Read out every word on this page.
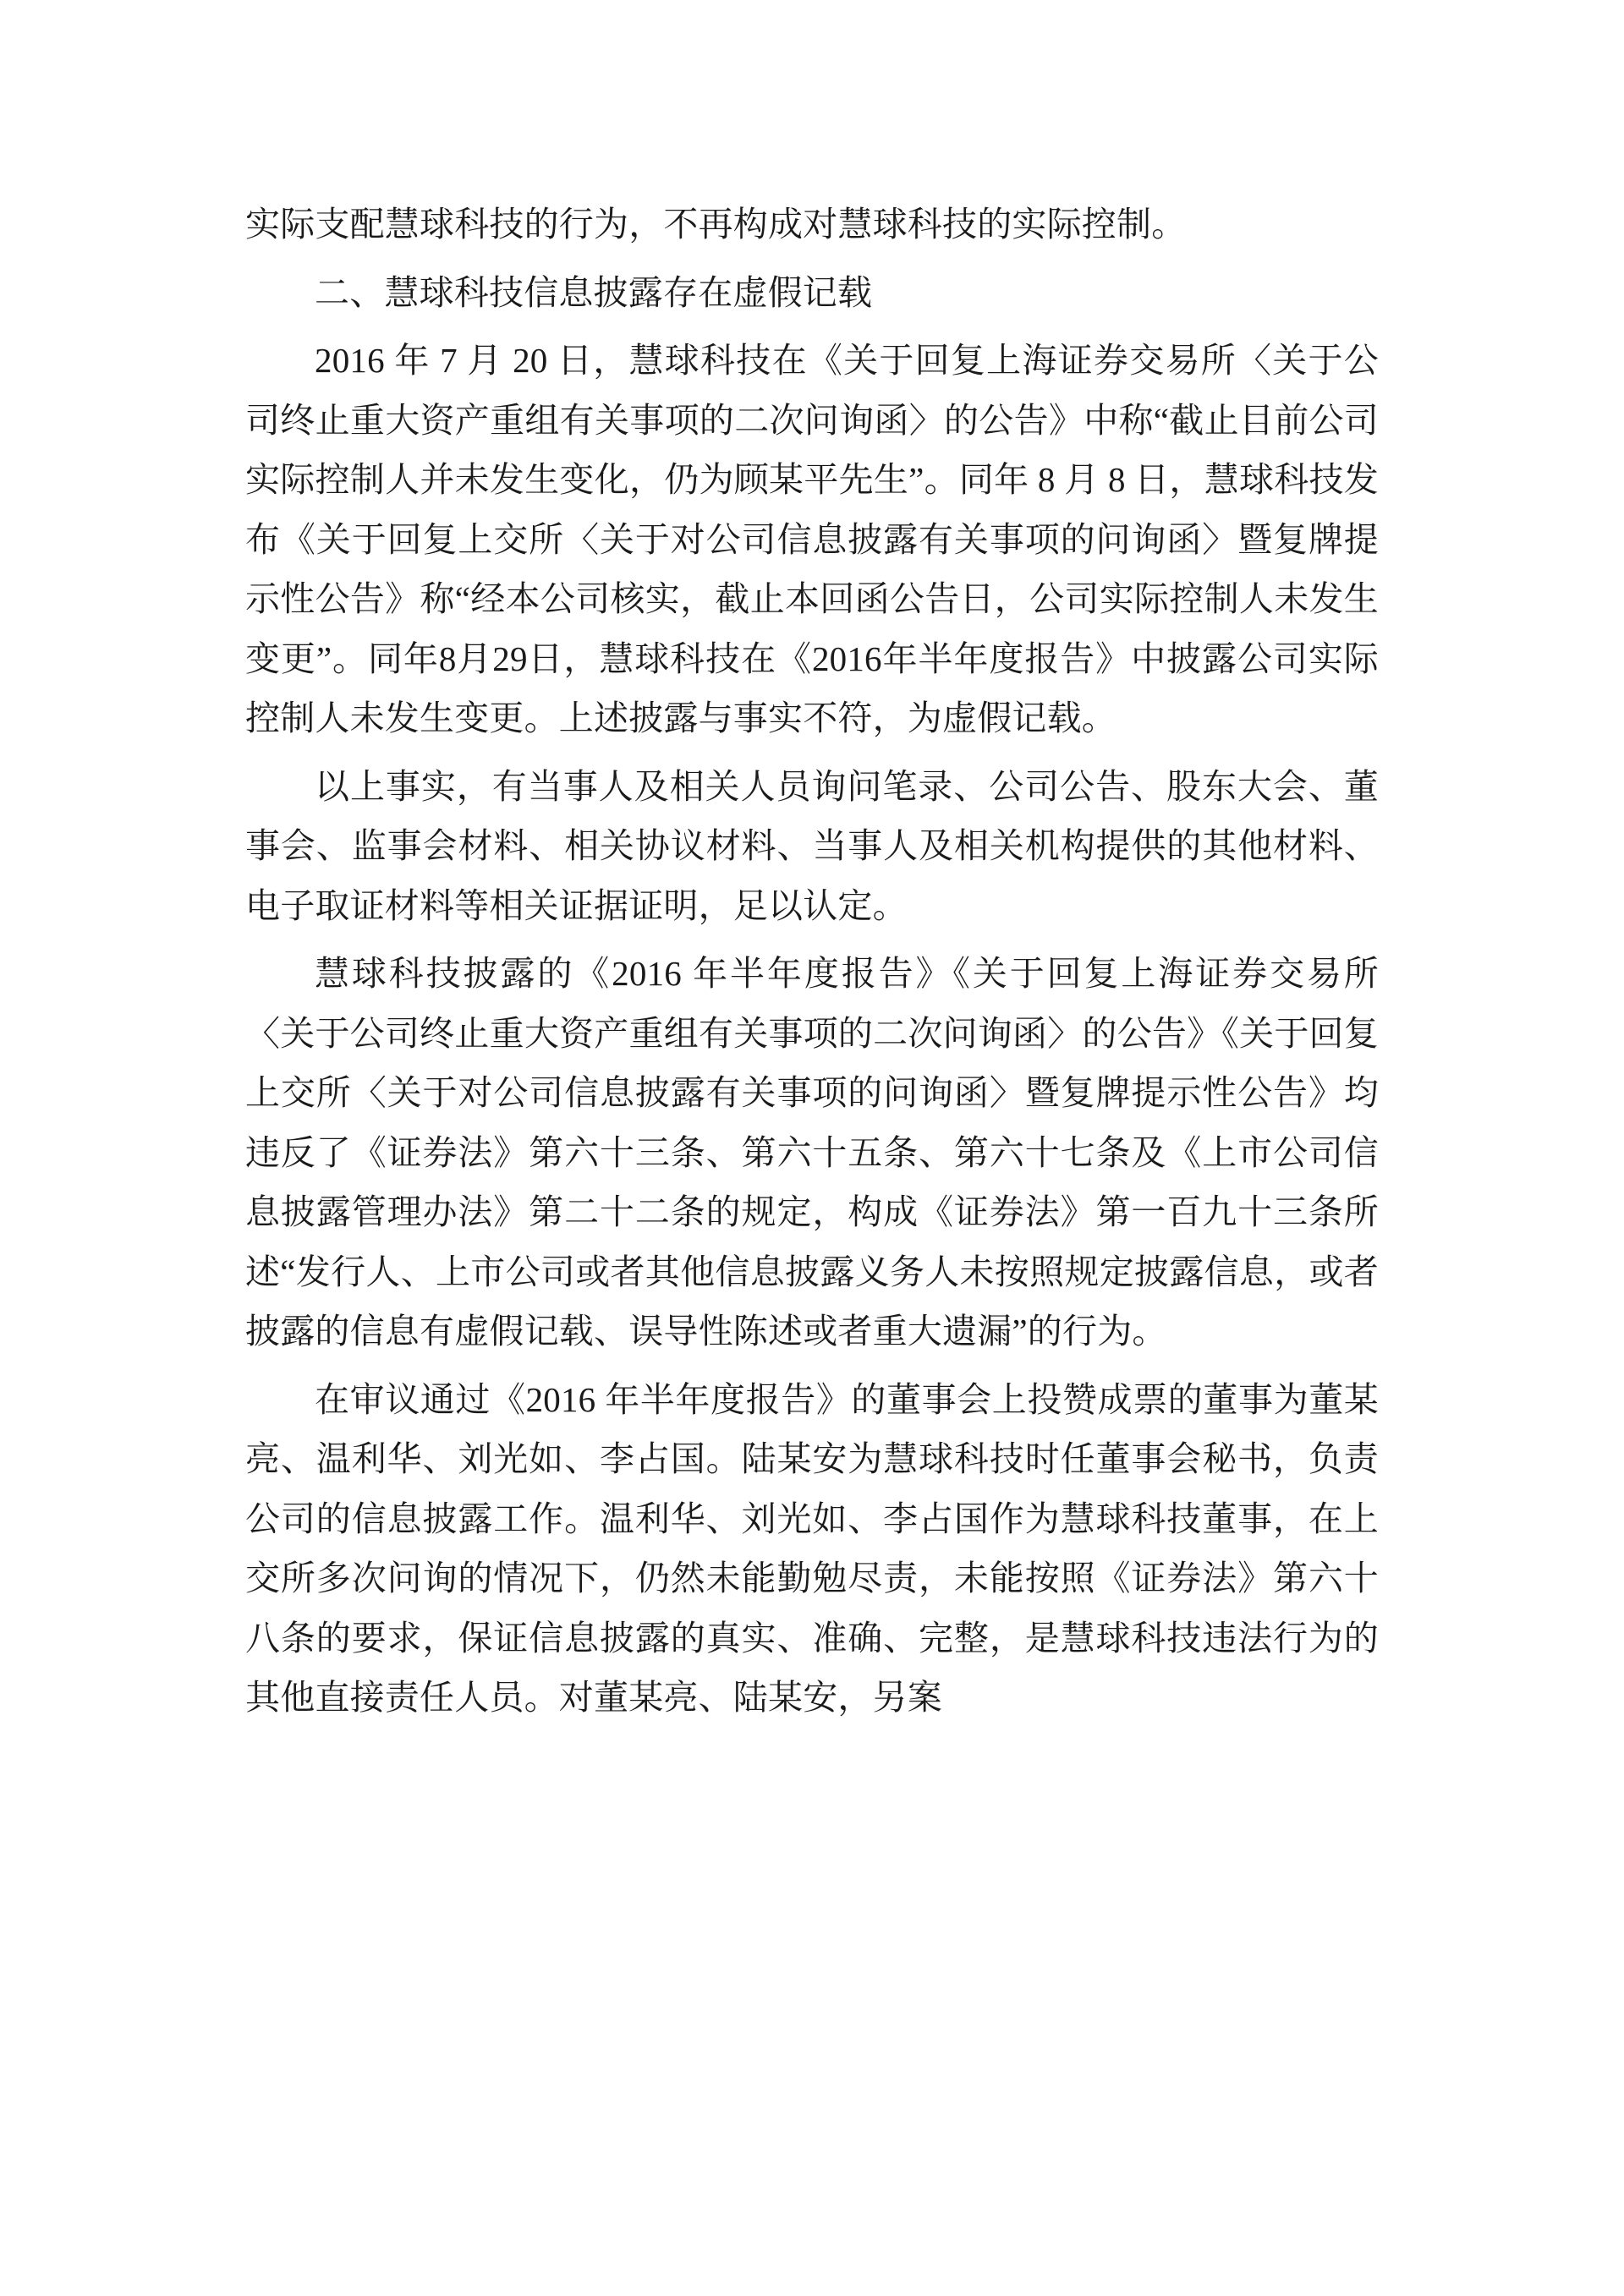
实际支配慧球科技的行为，不再构成对慧球科技的实际控制。

二、慧球科技信息披露存在虚假记载

2016 年 7 月 20 日，慧球科技在《关于回复上海证券交易所〈关于公司终止重大资产重组有关事项的二次问询函〉的公告》中称“截止目前公司实际控制人并未发生变化，仍为顾某平先生”。同年 8 月 8 日，慧球科技发布《关于回复上交所〈关于对公司信息披露有关事项的问询函〉暨复牌提示性公告》称“经本公司核实，截止本回函公告日，公司实际控制人未发生变更”。同年8月29日，慧球科技在《2016年半年度报告》中披露公司实际控制人未发生变更。上述披露与事实不符，为虚假记载。

以上事实，有当事人及相关人员询问笔录、公司公告、股东大会、董事会、监事会材料、相关协议材料、当事人及相关机构提供的其他材料、电子取证材料等相关证据证明，足以认定。

慧球科技披露的《2016 年半年度报告》《关于回复上海证券交易所〈关于公司终止重大资产重组有关事项的二次问询函〉的公告》《关于回复上交所〈关于对公司信息披露有关事项的问询函〉暨复牌提示性公告》均违反了《证券法》第六十三条、第六十五条、第六十七条及《上市公司信息披露管理办法》第二十二条的规定，构成《证券法》第一百九十三条所述“发行人、上市公司或者其他信息披露义务人未按照规定披露信息，或者披露的信息有虚假记载、误导性陈述或者重大遗漏”的行为。

在审议通过《2016 年半年度报告》的董事会上投赞成票的董事为董某亮、温利华、刘光如、李占国。陆某安为慧球科技时任董事会秘书，负责公司的信息披露工作。温利华、刘光如、李占国作为慧球科技董事，在上交所多次问询的情况下，仍然未能勤勉尽责，未能按照《证券法》第六十八条的要求，保证信息披露的真实、准确、完整，是慧球科技违法行为的其他直接责任人员。对董某亮、陆某安，另案
